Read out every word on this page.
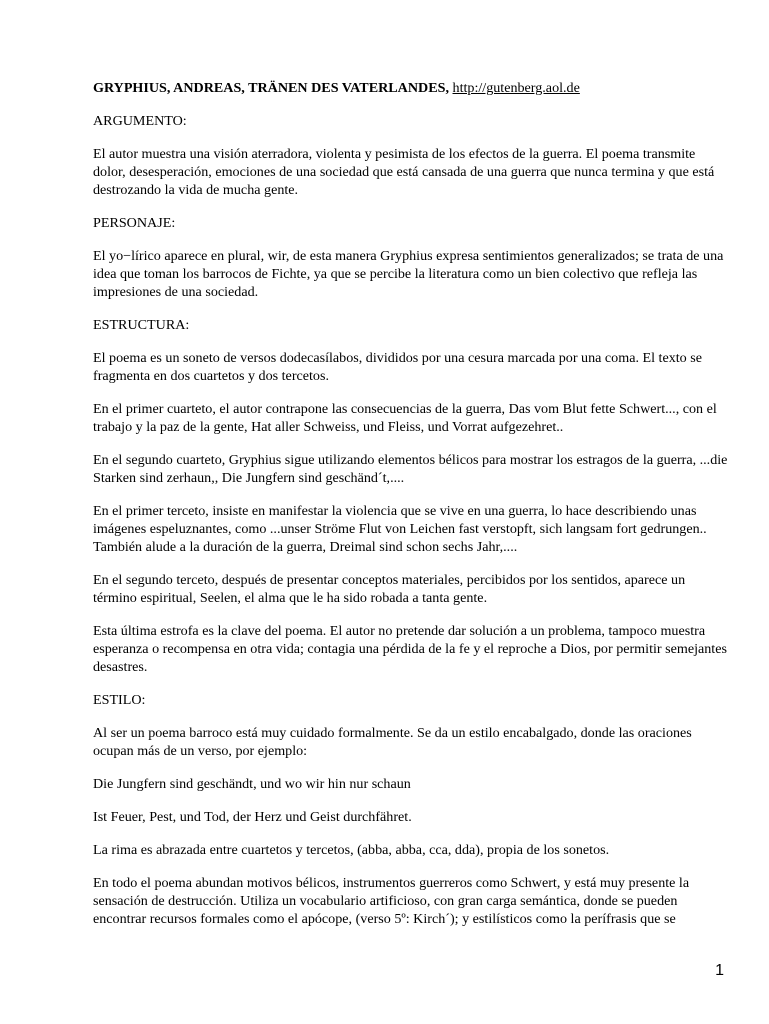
GRYPHIUS, ANDREAS, TRÄNEN DES VATERLANDES, http://gutenberg.aol.de

ARGUMENTO:

El autor muestra una visión aterradora, violenta y pesimista de los efectos de la guerra. El poema transmite dolor, desesperación, emociones de una sociedad que está cansada de una guerra que nunca termina y que está destrozando la vida de mucha gente.

PERSONAJE:

El yo−lírico aparece en plural, wir, de esta manera Gryphius expresa sentimientos generalizados; se trata de una idea que toman los barrocos de Fichte, ya que se percibe la literatura como un bien colectivo que refleja las impresiones de una sociedad.

ESTRUCTURA:

El poema es un soneto de versos dodecasílabos, divididos por una cesura marcada por una coma. El texto se fragmenta en dos cuartetos y dos tercetos.

En el primer cuarteto, el autor contrapone las consecuencias de la guerra, Das vom Blut fette Schwert..., con el trabajo y la paz de la gente, Hat aller Schweiss, und Fleiss, und Vorrat aufgezehret..

En el segundo cuarteto, Gryphius sigue utilizando elementos bélicos para mostrar los estragos de la guerra, ...die Starken sind zerhaun,, Die Jungfern sind geschänd´t,....

En el primer terceto, insiste en manifestar la violencia que se vive en una guerra, lo hace describiendo unas imágenes espeluznantes, como ...unser Ströme Flut von Leichen fast verstopft, sich langsam fort gedrungen.. También alude a la duración de la guerra, Dreimal sind schon sechs Jahr,....

En el segundo terceto, después de presentar conceptos materiales, percibidos por los sentidos, aparece un término espiritual, Seelen, el alma que le ha sido robada a tanta gente.

Esta última estrofa es la clave del poema. El autor no pretende dar solución a un problema, tampoco muestra esperanza o recompensa en otra vida; contagia una pérdida de la fe y el reproche a Dios, por permitir semejantes desastres.

ESTILO:

Al ser un poema barroco está muy cuidado formalmente. Se da un estilo encabalgado, donde las oraciones ocupan más de un verso, por ejemplo:

Die Jungfern sind geschändt, und wo wir hin nur schaun

Ist Feuer, Pest, und Tod, der Herz und Geist durchfähret.

La rima es abrazada entre cuartetos y tercetos, (abba, abba, cca, dda), propia de los sonetos.

En todo el poema abundan motivos bélicos, instrumentos guerreros como Schwert, y está muy presente la sensación de destrucción. Utiliza un vocabulario artificioso, con gran carga semántica, donde se pueden encontrar recursos formales como el apócope, (verso 5º: Kirch´); y estilísticos como la perífrasis que se

1
